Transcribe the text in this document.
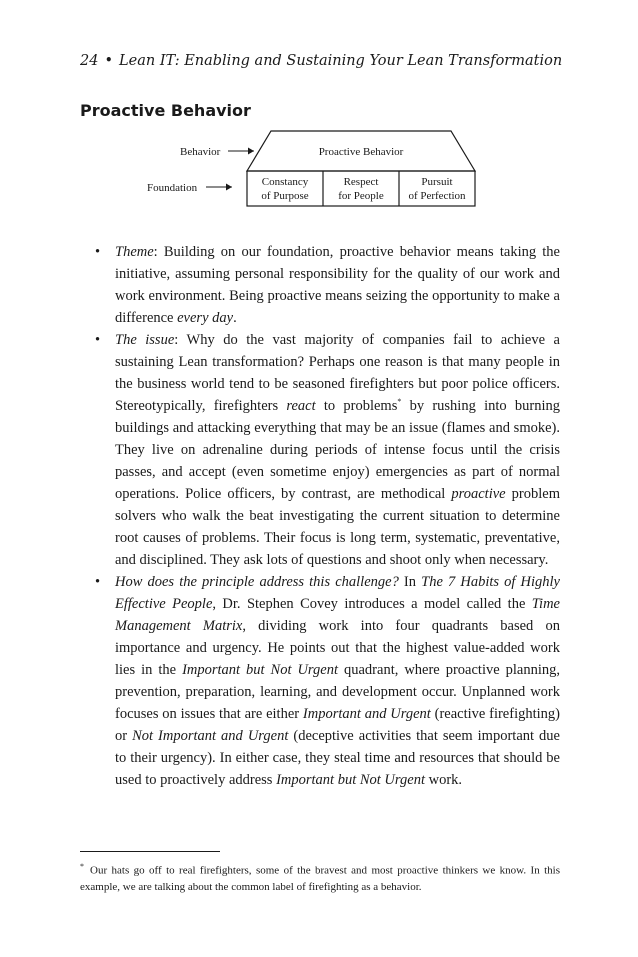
24 • Lean IT: Enabling and Sustaining Your Lean Transformation
Proactive Behavior
Behavior
Foundation
Proactive Behavior
Constancy
of Purpose
Respect
for People
Pursuit
of Perfection
• Theme: Building on our foundation, proactive behavior means taking the initiative, assuming personal responsibility for the quality of our work and work environment. Being proactive means seizing the opportunity to make a difference every day.
• The issue: Why do the vast majority of companies fail to achieve a sustaining Lean transformation? Perhaps one reason is that many people in the business world tend to be seasoned firefighters but poor police officers. Stereotypically, firefighters react to problems* by rushing into burning buildings and attacking everything that may be an issue (flames and smoke). They live on adrenaline during periods of intense focus until the crisis passes, and accept (even sometime enjoy) emergencies as part of normal operations. Police officers, by contrast, are methodical proactive problem solvers who walk the beat investigating the current situation to determine root causes of problems. Their focus is long term, systematic, preventative, and disciplined. They ask lots of questions and shoot only when necessary.
• How does the principle address this challenge? In The 7 Habits of Highly Effective People, Dr. Stephen Covey introduces a model called the Time Management Matrix, dividing work into four quadrants based on importance and urgency. He points out that the highest value-added work lies in the Important but Not Urgent quadrant, where proactive planning, prevention, preparation, learning, and development occur. Unplanned work focuses on issues that are either Important and Urgent (reactive firefighting) or Not Important and Urgent (deceptive activities that seem important due to their urgency). In either case, they steal time and resources that should be used to proactively address Important but Not Urgent work.
* Our hats go off to real firefighters, some of the bravest and most proactive thinkers we know. In this example, we are talking about the common label of firefighting as a behavior.
